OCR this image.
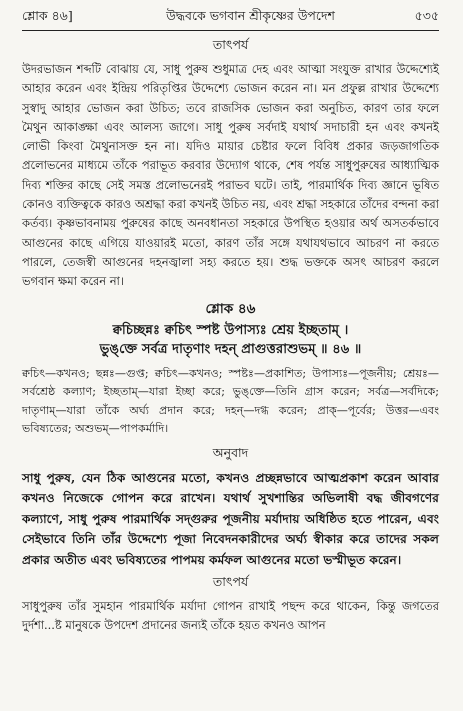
শ্লোক ৪৬]	উদ্ধবকে ভগবান শ্রীকৃষ্ণের উপদেশ	৫৩৫
তাৎপর্য

উদরভাজন শব্দটি বোঝায় যে, সাধু পুরুষ শুধুমাত্র দেহ এবং আত্মা সংযুক্ত রাখার উদ্দেশ্যেই আহার করেন এবং ইন্দ্রিয় পরিতৃপ্তির উদ্দেশ্যে ভোজন করেন না। মন প্রফুল্ল রাখার উদ্দেশ্যে সুস্বাদু আহার ভোজন করা উচিত; তবে রাজসিক ভোজন করা অনুচিত, কারণ তার ফলে মৈথুন আকাঙ্ক্ষা এবং আলস্য জাগে। সাধু পুরুষ সর্বদাই যথার্থ সদাচারী হন এবং কখনই লোভী কিংবা মৈথুনাসক্ত হন না। যদিও মায়ার চেষ্টার ফলে বিবিধ প্রকার জড়জাগতিক প্রলোভনের মাধ্যমে তাঁকে পরাভূত করবার উদ্যোগ থাকে, শেষ পর্যন্ত সাধুপুরুষের আধ্যাত্মিক দিব্য শক্তির কাছে সেই সমস্ত প্রলোভনেরই পরাভব ঘটে। তাই, পারমার্থিক দিব্য জ্ঞানে ভূষিত কোনও ব্যক্তিত্বকে কারও অশ্রদ্ধা করা কখনই উচিত নয়, এবং শ্রদ্ধা সহকারে তাঁদের বন্দনা করা কর্তব্য। কৃষ্ণভাবনাময় পুরুষের কাছে অনবধানতা সহকারে উপস্থিত হওয়ার অর্থ অসতর্কভাবে আগুনের কাছে এগিয়ে যাওয়ারই মতো, কারণ তাঁর সঙ্গে যথাযথভাবে আচরণ না করতে পারলে, তেজস্বী আগুনের দহনজ্বালা সহ্য করতে হয়। শুদ্ধ ভক্তকে অসৎ আচরণ করলে ভগবান ক্ষমা করেন না।

শ্লোক ৪৬

ক্বচিচ্ছন্নঃ ক্বচিৎ স্পষ্ট উপাস্যঃ শ্রেয় ইচ্ছতাম্ ।

ভুঙ্‌ক্তে সর্বত্র দাতৃণাং দহন্ প্রাগুত্তরাশুভম্ ॥ ৪৬ ॥

ক্বচিৎ—কখনও; ছন্নঃ—গুপ্ত; ক্বচিৎ—কখনও; স্পষ্টঃ—প্রকাশিত; উপাস্যঃ—পূজনীয়; শ্রেয়ঃ—সর্বশ্রেষ্ঠ কল্যাণ; ইচ্ছতাম্—যারা ইচ্ছা করে; ভুঙ্‌ক্তে—তিনি গ্রাস করেন; সর্বত্র—সর্বদিকে; দাতৃণাম্—যারা তাঁকে অর্ঘ্য প্রদান করে; দহন্—দগ্ধ করেন; প্রাক্—পূর্বের; উত্তর—এবং ভবিষ্যতের; অশুভম্—পাপকর্মাদি।

অনুবাদ

সাধু পুরুষ, যেন ঠিক আগুনের মতো, কখনও প্রচ্ছন্নভাবে আত্মপ্রকাশ করেন আবার কখনও নিজেকে গোপন করে রাখেন। যথার্থ সুখশান্তির অভিলাষী বদ্ধ জীবগণের কল্যাণে, সাধু পুরুষ পারমার্থিক সদ্গুরুর পূজনীয় মর্যাদায় অধিষ্ঠিত হতে পারেন, এবং সেইভাবে তিনি তাঁর উদ্দেশ্যে পূজা নিবেদনকারীদের অর্ঘ্য স্বীকার করে তাদের সকল প্রকার অতীত এবং ভবিষ্যতের পাপময় কর্মফল আগুনের মতো ভস্মীভূত করেন।

তাৎপর্য

সাধুপুরুষ তাঁর সুমহান পারমার্থিক মর্যাদা গোপন রাখাই পছন্দ করে থাকেন, কিন্তু জগতের দুর্দশা...ষ্ট মানুষকে উপদেশ প্রদানের জন্যই তাঁকে হয়ত কখনও আপন
